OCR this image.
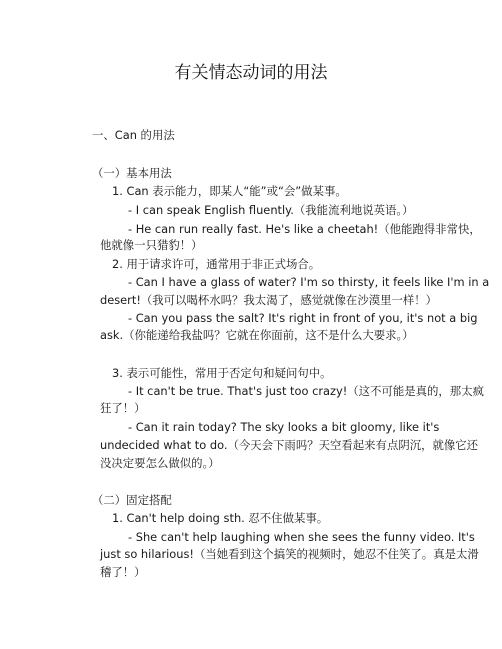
有关情态动词的用法
一、Can 的用法
（一）基本用法
1. Can 表示能力，即某人“能”或“会”做某事。
- I can speak English fluently.（我能流利地说英语。）
- He can run really fast. He's like a cheetah!（他能跑得非常快，
他就像一只猎豹！）
2. 用于请求许可，通常用于非正式场合。
- Can I have a glass of water? I'm so thirsty, it feels like I'm in a
desert!（我可以喝杯水吗？我太渴了，感觉就像在沙漠里一样！）
- Can you pass the salt? It's right in front of you, it's not a big
ask.（你能递给我盐吗？它就在你面前，这不是什么大要求。）
3. 表示可能性，常用于否定句和疑问句中。
- It can't be true. That's just too crazy!（这不可能是真的，那太疯
狂了！）
- Can it rain today? The sky looks a bit gloomy, like it's
undecided what to do.（今天会下雨吗？天空看起来有点阴沉，就像它还
没决定要怎么做似的。）
（二）固定搭配
1. Can't help doing sth. 忍不住做某事。
- She can't help laughing when she sees the funny video. It's
just so hilarious!（当她看到这个搞笑的视频时，她忍不住笑了。真是太滑
稽了！）
